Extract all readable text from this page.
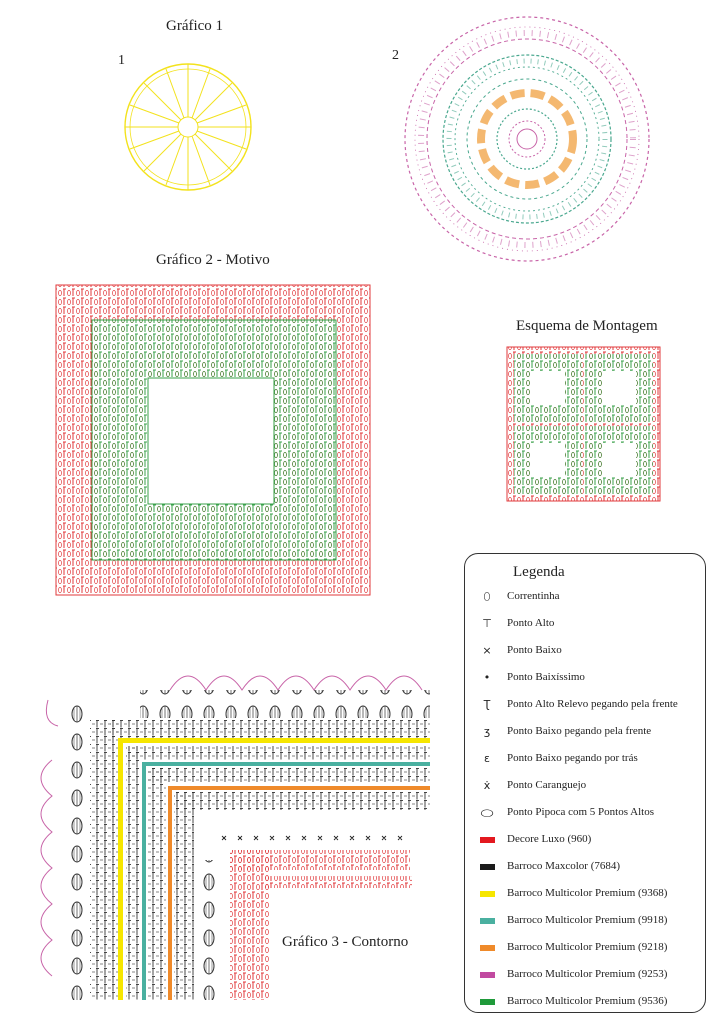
Gráfico 1
1	2
Gráfico 2 - Motivo
Esquema de Montagem
Gráfico 3 - Contorno
Legenda
⬯	Correntinha
⊤	Ponto Alto
×	Ponto Baixo
•	Ponto Baixíssimo
Ʈ	Ponto Alto Relevo pegando pela frente
ʒ	Ponto Baixo pegando pela frente
ɛ	Ponto Baixo pegando por trás
ẋ	Ponto Caranguejo
⬭	Ponto Pipoca com 5 Pontos Altos
Decore Luxo (960)
Barroco Maxcolor (7684)
Barroco Multicolor Premium (9368)
Barroco Multicolor Premium (9918)
Barroco Multicolor Premium (9218)
Barroco Multicolor Premium (9253)
Barroco Multicolor Premium (9536)
